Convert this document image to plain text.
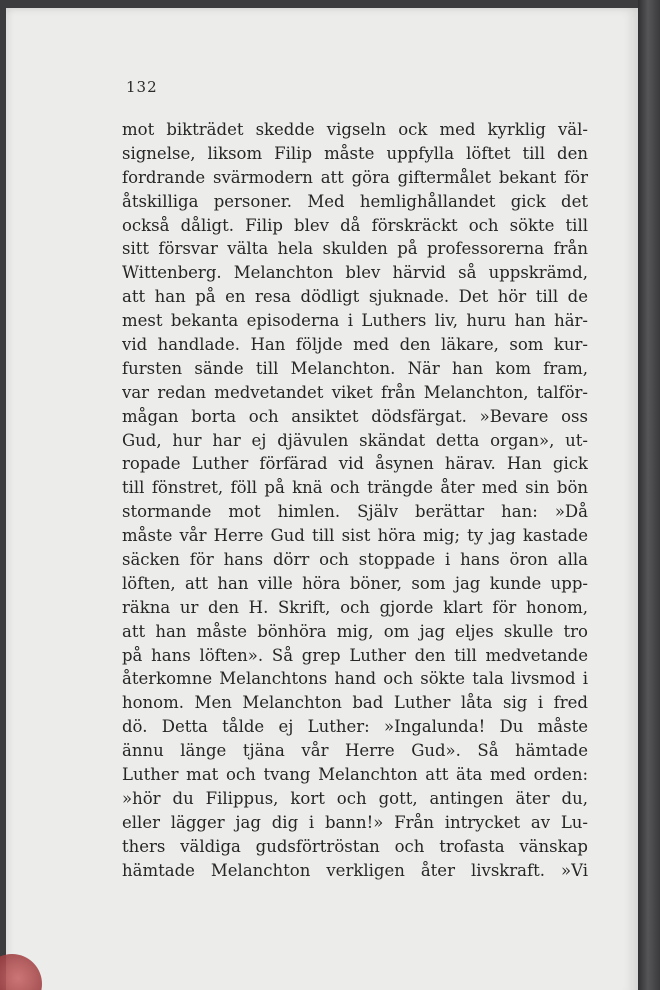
132

mot bikträdet skedde vigseln ock med kyrklig väl-
signelse, liksom Filip måste uppfylla löftet till den
fordrande svärmodern att göra giftermålet bekant för
åtskilliga personer. Med hemlighållandet gick det
också dåligt. Filip blev då förskräckt och sökte till
sitt försvar välta hela skulden på professorerna från
Wittenberg. Melanchton blev härvid så uppskrämd,
att han på en resa dödligt sjuknade. Det hör till de
mest bekanta episoderna i Luthers liv, huru han här-
vid handlade. Han följde med den läkare, som kur-
fursten sände till Melanchton. När han kom fram,
var redan medvetandet viket från Melanchton, talför-
mågan borta och ansiktet dödsfärgat. »Bevare oss
Gud, hur har ej djävulen skändat detta organ», ut-
ropade Luther förfärad vid åsynen härav. Han gick
till fönstret, föll på knä och trängde åter med sin bön
stormande mot himlen. Själv berättar han: »Då
måste vår Herre Gud till sist höra mig; ty jag kastade
säcken för hans dörr och stoppade i hans öron alla
löften, att han ville höra böner, som jag kunde upp-
räkna ur den H. Skrift, och gjorde klart för honom,
att han måste bönhöra mig, om jag eljes skulle tro
på hans löften». Så grep Luther den till medvetande
återkomne Melanchtons hand och sökte tala livsmod i
honom. Men Melanchton bad Luther låta sig i fred
dö. Detta tålde ej Luther: »Ingalunda! Du måste
ännu länge tjäna vår Herre Gud». Så hämtade
Luther mat och tvang Melanchton att äta med orden:
»hör du Filippus, kort och gott, antingen äter du,
eller lägger jag dig i bann!» Från intrycket av Lu-
thers väldiga gudsförtröstan och trofasta vänskap
hämtade Melanchton verkligen åter livskraft. »Vi
